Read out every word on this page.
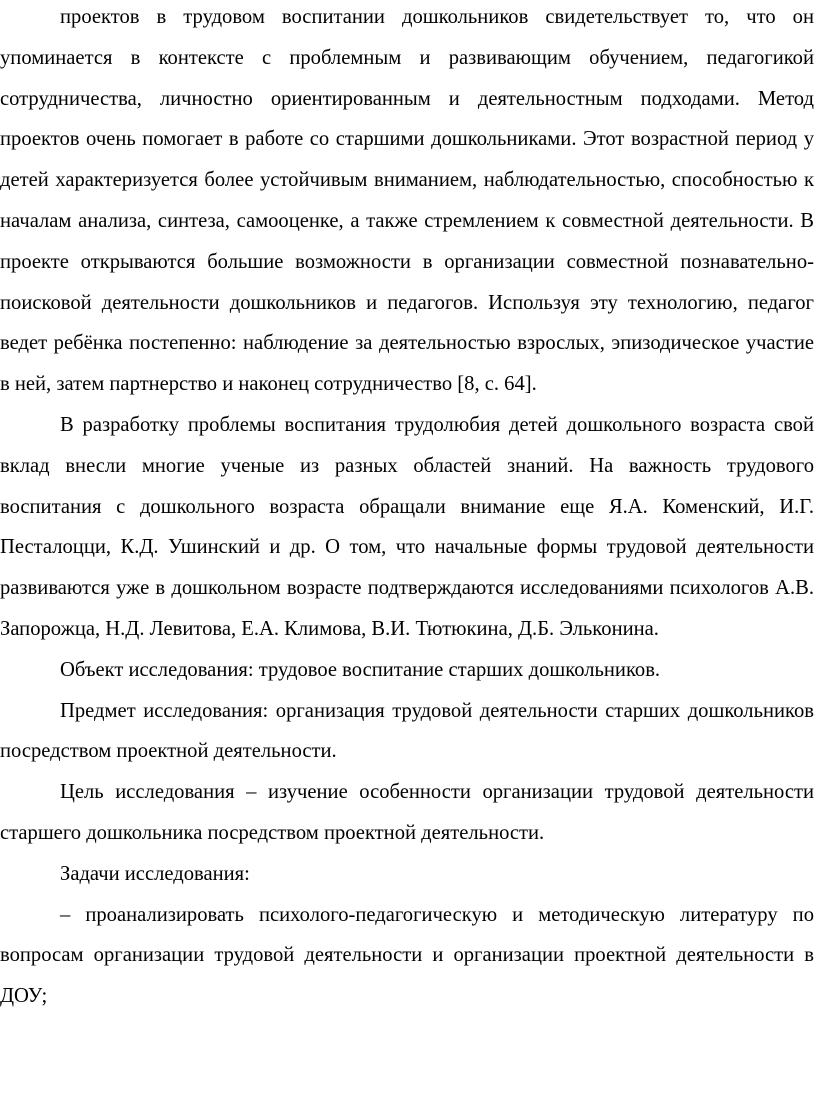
проектов в трудовом воспитании дошкольников свидетельствует то, что он упоминается в контексте с проблемным и развивающим обучением, педагогикой сотрудничества, личностно ориентированным и деятельностным подходами. Метод проектов очень помогает в работе со старшими дошкольниками. Этот возрастной период у детей характеризуется более устойчивым вниманием, наблюдательностью, способностью к началам анализа, синтеза, самооценке, а также стремлением к совместной деятельности. В проекте открываются большие возможности в организации совместной познавательно-поисковой деятельности дошкольников и педагогов. Используя эту технологию, педагог ведет ребёнка постепенно: наблюдение за деятельностью взрослых, эпизодическое участие в ней, затем партнерство и наконец сотрудничество [8, с. 64].

В разработку проблемы воспитания трудолюбия детей дошкольного возраста свой вклад внесли многие ученые из разных областей знаний. На важность трудового воспитания с дошкольного возраста обращали внимание еще Я.А. Коменский, И.Г. Песталоцци, К.Д. Ушинский и др. О том, что начальные формы трудовой деятельности развиваются уже в дошкольном возрасте подтверждаются исследованиями психологов А.В. Запорожца, Н.Д. Левитова, Е.А. Климова, В.И. Тютюкина, Д.Б. Эльконина.

Объект исследования: трудовое воспитание старших дошкольников.

Предмет исследования: организация трудовой деятельности старших дошкольников посредством проектной деятельности.

Цель исследования – изучение особенности организации трудовой деятельности старшего дошкольника посредством проектной деятельности.

Задачи исследования:

– проанализировать психолого-педагогическую и методическую литературу по вопросам организации трудовой деятельности и организации проектной деятельности в ДОУ;
